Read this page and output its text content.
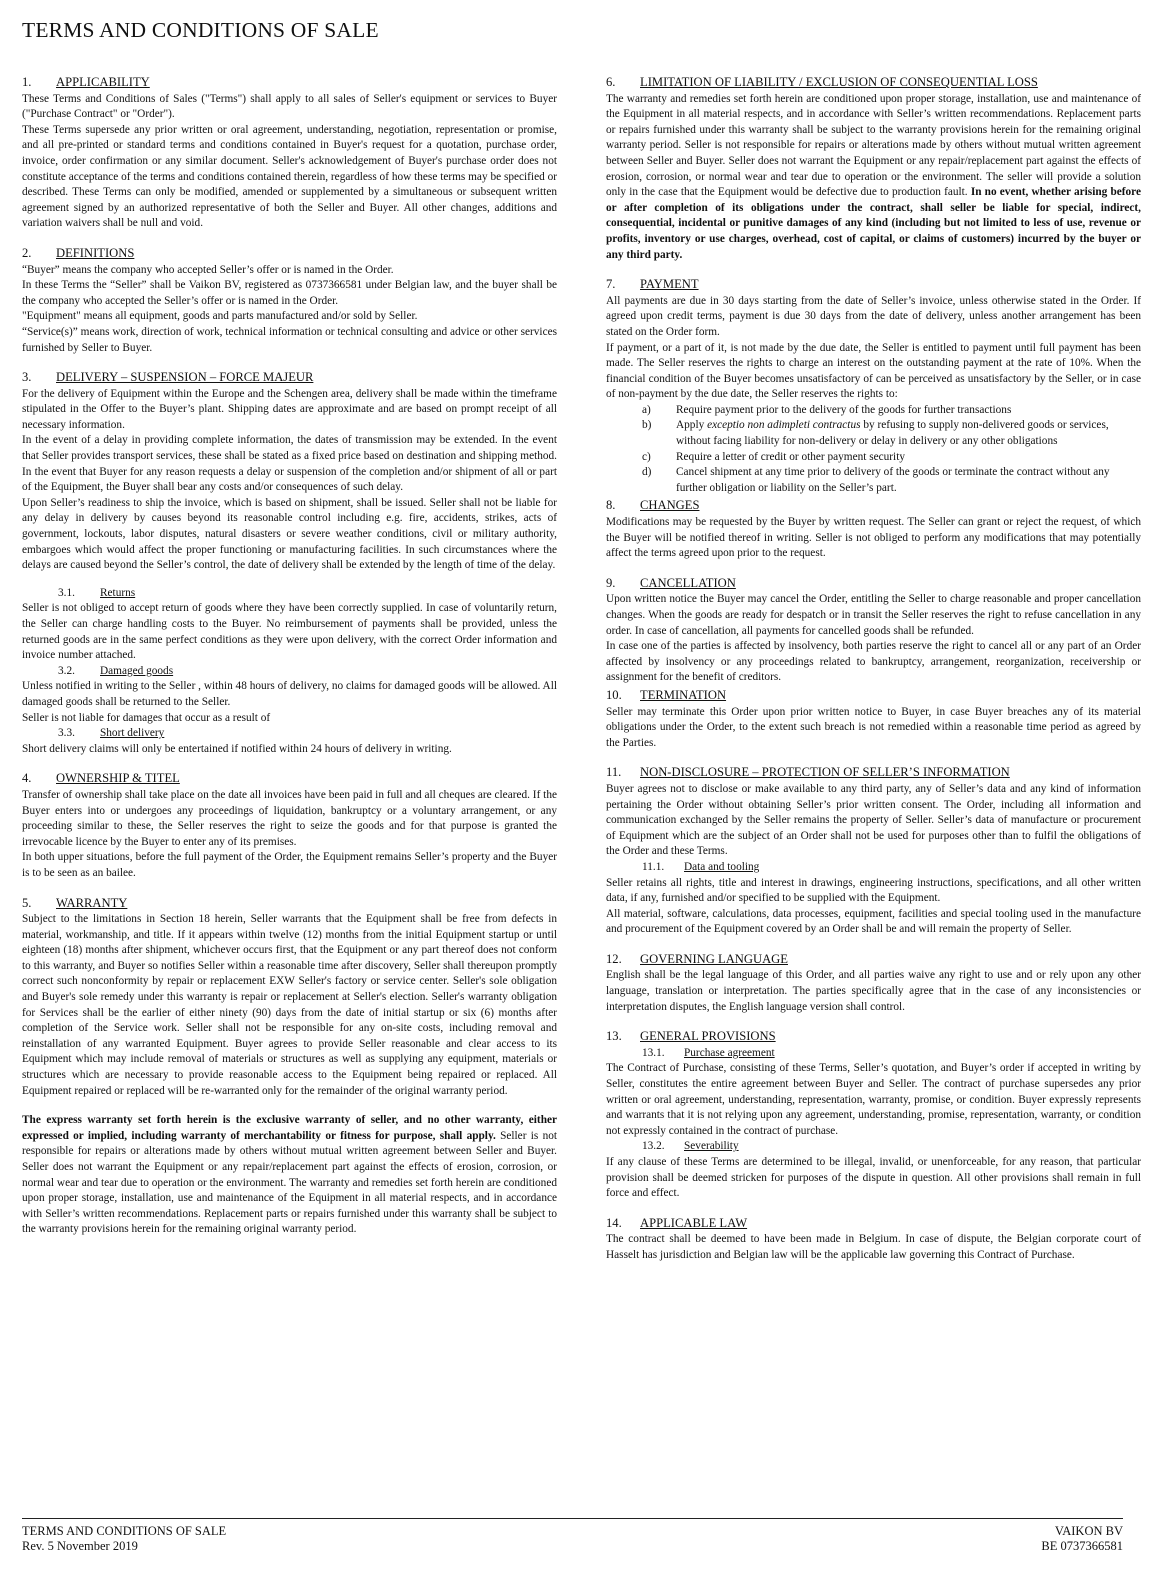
TERMS AND CONDITIONS OF SALE
1.	APPLICABILITY

These Terms and Conditions of Sales ("Terms") shall apply to all sales of Seller's equipment or services to Buyer ("Purchase Contract" or "Order").

These Terms supersede any prior written or oral agreement, understanding, negotiation, representation or promise, and all pre-printed or standard terms and conditions contained in Buyer's request for a quotation, purchase order, invoice, order confirmation or any similar document. Seller's acknowledgement of Buyer's purchase order does not constitute acceptance of the terms and conditions contained therein, regardless of how these terms may be specified or described. These Terms can only be modified, amended or supplemented by a simultaneous or subsequent written agreement signed by an authorized representative of both the Seller and Buyer. All other changes, additions and variation waivers shall be null and void.

2.	DEFINITIONS

“Buyer” means the company who accepted Seller’s offer or is named in the Order.

In these Terms the “Seller” shall be Vaikon BV, registered as 0737366581 under Belgian law, and the buyer shall be the company who accepted the Seller’s offer or is named in the Order.

"Equipment" means all equipment, goods and parts manufactured and/or sold by Seller.

“Service(s)” means work, direction of work, technical information or technical consulting and advice or other services furnished by Seller to Buyer.

3.	DELIVERY – SUSPENSION – FORCE MAJEUR

For the delivery of Equipment within the Europe and the Schengen area, delivery shall be made within the timeframe stipulated in the Offer to the Buyer’s plant. Shipping dates are approximate and are based on prompt receipt of all necessary information.

In the event of a delay in providing complete information, the dates of transmission may be extended. In the event that Seller provides transport services, these shall be stated as a fixed price based on destination and shipping method. In the event that Buyer for any reason requests a delay or suspension of the completion and/or shipment of all or part of the Equipment, the Buyer shall bear any costs and/or consequences of such delay.

Upon Seller’s readiness to ship the invoice, which is based on shipment, shall be issued. Seller shall not be liable for any delay in delivery by causes beyond its reasonable control including e.g. fire, accidents, strikes, acts of government, lockouts, labor disputes, natural disasters or severe weather conditions, civil or military authority, embargoes which would affect the proper functioning or manufacturing facilities. In such circumstances where the delays are caused beyond the Seller’s control, the date of delivery shall be extended by the length of time of the delay.

3.1.	Returns

Seller is not obliged to accept return of goods where they have been correctly supplied. In case of voluntarily return, the Seller can charge handling costs to the Buyer. No reimbursement of payments shall be provided, unless the returned goods are in the same perfect conditions as they were upon delivery, with the correct Order information and invoice number attached.

3.2.	Damaged goods

Unless notified in writing to the Seller , within 48 hours of delivery, no claims for damaged goods will be allowed. All damaged goods shall be returned to the Seller.

Seller is not liable for damages that occur as a result of

3.3.	Short delivery

Short delivery claims will only be entertained if notified within 24 hours of delivery in writing.

4.	OWNERSHIP & TITEL

Transfer of ownership shall take place on the date all invoices have been paid in full and all cheques are cleared. If the Buyer enters into or undergoes any proceedings of liquidation, bankruptcy or a voluntary arrangement, or any proceeding similar to these, the Seller reserves the right to seize the goods and for that purpose is granted the irrevocable licence by the Buyer to enter any of its premises.

In both upper situations, before the full payment of the Order, the Equipment remains Seller’s property and the Buyer is to be seen as an bailee.

5.	WARRANTY

Subject to the limitations in Section 18 herein, Seller warrants that the Equipment shall be free from defects in material, workmanship, and title. If it appears within twelve (12) months from the initial Equipment startup or until eighteen (18) months after shipment, whichever occurs first, that the Equipment or any part thereof does not conform to this warranty, and Buyer so notifies Seller within a reasonable time after discovery, Seller shall thereupon promptly correct such nonconformity by repair or replacement EXW Seller's factory or service center. Seller's sole obligation and Buyer's sole remedy under this warranty is repair or replacement at Seller's election. Seller's warranty obligation for Services shall be the earlier of either ninety (90) days from the date of initial startup or six (6) months after completion of the Service work. Seller shall not be responsible for any on-site costs, including removal and reinstallation of any warranted Equipment. Buyer agrees to provide Seller reasonable and clear access to its Equipment which may include removal of materials or structures as well as supplying any equipment, materials or structures which are necessary to provide reasonable access to the Equipment being repaired or replaced. All Equipment repaired or replaced will be re-warranted only for the remainder of the original warranty period.

The express warranty set forth herein is the exclusive warranty of seller, and no other warranty, either expressed or implied, including warranty of merchantability or fitness for purpose, shall apply. Seller is not responsible for repairs or alterations made by others without mutual written agreement between Seller and Buyer. Seller does not warrant the Equipment or any repair/replacement part against the effects of erosion, corrosion, or normal wear and tear due to operation or the environment. The warranty and remedies set forth herein are conditioned upon proper storage, installation, use and maintenance of the Equipment in all material respects, and in accordance with Seller’s written recommendations. Replacement parts or repairs furnished under this warranty shall be subject to the warranty provisions herein for the remaining original warranty period.

6.	LIMITATION OF LIABILITY / EXCLUSION OF CONSEQUENTIAL LOSS

The warranty and remedies set forth herein are conditioned upon proper storage, installation, use and maintenance of the Equipment in all material respects, and in accordance with Seller’s written recommendations. Replacement parts or repairs furnished under this warranty shall be subject to the warranty provisions herein for the remaining original warranty period. Seller is not responsible for repairs or alterations made by others without mutual written agreement between Seller and Buyer. Seller does not warrant the Equipment or any repair/replacement part against the effects of erosion, corrosion, or normal wear and tear due to operation or the environment. The seller will provide a solution only in the case that the Equipment would be defective due to production fault. In no event, whether arising before or after completion of its obligations under the contract, shall seller be liable for special, indirect, consequential, incidental or punitive damages of any kind (including but not limited to less of use, revenue or profits, inventory or use charges, overhead, cost of capital, or claims of customers) incurred by the buyer or any third party.

7.	PAYMENT

All payments are due in 30 days starting from the date of Seller’s invoice, unless otherwise stated in the Order. If agreed upon credit terms, payment is due 30 days from the date of delivery, unless another arrangement has been stated on the Order form.

If payment, or a part of it, is not made by the due date, the Seller is entitled to payment until full payment has been made. The Seller reserves the rights to charge an interest on the outstanding payment at the rate of 10%. When the financial condition of the Buyer becomes unsatisfactory of can be perceived as unsatisfactory by the Seller, or in case of non-payment by the due date, the Seller reserves the rights to:

a)	Require payment prior to the delivery of the goods for further transactions
b)	Apply exceptio non adimpleti contractus by refusing to supply non-delivered goods or services, without facing liability for non-delivery or delay in delivery or any other obligations
c)	Require a letter of credit or other payment security
d)	Cancel shipment at any time prior to delivery of the goods or terminate the contract without any further obligation or liability on the Seller’s part.
8.	CHANGES

Modifications may be requested by the Buyer by written request. The Seller can grant or reject the request, of which the Buyer will be notified thereof in writing. Seller is not obliged to perform any modifications that may potentially affect the terms agreed upon prior to the request.

9.	CANCELLATION

Upon written notice the Buyer may cancel the Order, entitling the Seller to charge reasonable and proper cancellation changes. When the goods are ready for despatch or in transit the Seller reserves the right to refuse cancellation in any order. In case of cancellation, all payments for cancelled goods shall be refunded.

In case one of the parties is affected by insolvency, both parties reserve the right to cancel all or any part of an Order affected by insolvency or any proceedings related to bankruptcy, arrangement, reorganization, receivership or assignment for the benefit of creditors.

10.	TERMINATION

Seller may terminate this Order upon prior written notice to Buyer, in case Buyer breaches any of its material obligations under the Order, to the extent such breach is not remedied within a reasonable time period as agreed by the Parties.

11.	NON-DISCLOSURE – PROTECTION OF SELLER’S INFORMATION

Buyer agrees not to disclose or make available to any third party, any of Seller’s data and any kind of information pertaining the Order without obtaining Seller’s prior written consent. The Order, including all information and communication exchanged by the Seller remains the property of Seller. Seller’s data of manufacture or procurement of Equipment which are the subject of an Order shall not be used for purposes other than to fulfil the obligations of the Order and these Terms.

11.1.	Data and tooling

Seller retains all rights, title and interest in drawings, engineering instructions, specifications, and all other written data, if any, furnished and/or specified to be supplied with the Equipment.

All material, software, calculations, data processes, equipment, facilities and special tooling used in the manufacture and procurement of the Equipment covered by an Order shall be and will remain the property of Seller.

12.	GOVERNING LANGUAGE

English shall be the legal language of this Order, and all parties waive any right to use and or rely upon any other language, translation or interpretation. The parties specifically agree that in the case of any inconsistencies or interpretation disputes, the English language version shall control.

13.	GENERAL PROVISIONS
13.1.	Purchase agreement

The Contract of Purchase, consisting of these Terms, Seller’s quotation, and Buyer’s order if accepted in writing by Seller, constitutes the entire agreement between Buyer and Seller. The contract of purchase supersedes any prior written or oral agreement, understanding, representation, warranty, promise, or condition. Buyer expressly represents and warrants that it is not relying upon any agreement, understanding, promise, representation, warranty, or condition not expressly contained in the contract of purchase.

13.2.	Severability

If any clause of these Terms are determined to be illegal, invalid, or unenforceable, for any reason, that particular provision shall be deemed stricken for purposes of the dispute in question. All other provisions shall remain in full force and effect.

14.	APPLICABLE LAW

The contract shall be deemed to have been made in Belgium. In case of dispute, the Belgian corporate court of Hasselt has jurisdiction and Belgian law will be the applicable law governing this Contract of Purchase.

TERMS AND CONDITIONS OF SALE
Rev. 5 November 2019
VAIKON BV
BE 0737366581
